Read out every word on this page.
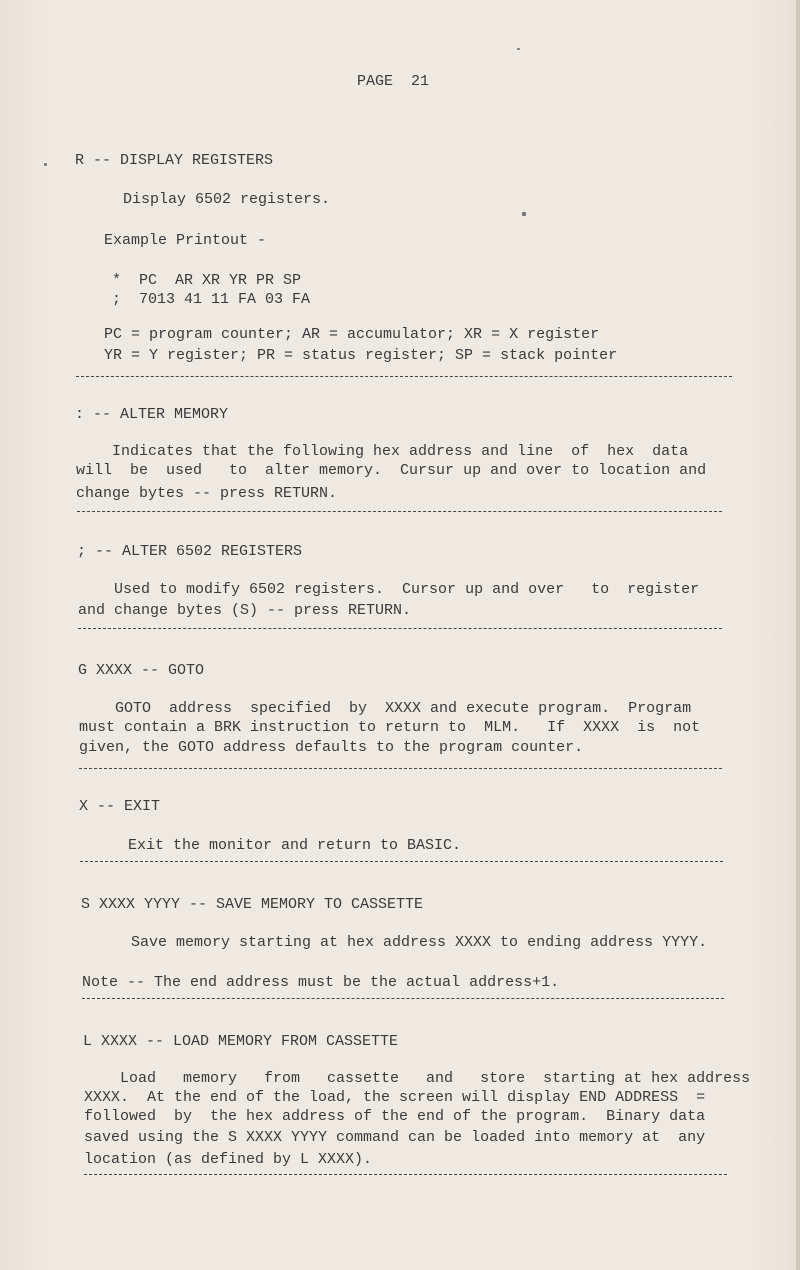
PAGE  21
R -- DISPLAY REGISTERS
Display 6502 registers.
Example Printout -
*  PC  AR XR YR PR SP
;  7013 41 11 FA 03 FA
PC = program counter; AR = accumulator; XR = X register
YR = Y register; PR = status register; SP = stack pointer
: -- ALTER MEMORY
Indicates that the following hex address and line  of  hex  data
will  be  used   to  alter memory.  Cursur up and over to location and
change bytes -- press RETURN.
; -- ALTER 6502 REGISTERS
Used to modify 6502 registers.  Cursor up and over   to  register
and change bytes (S) -- press RETURN.
G XXXX -- GOTO
GOTO  address  specified  by  XXXX and execute program.  Program
must contain a BRK instruction to return to  MLM.   If  XXXX  is  not
given, the GOTO address defaults to the program counter.
X -- EXIT
Exit the monitor and return to BASIC.
S XXXX YYYY -- SAVE MEMORY TO CASSETTE
Save memory starting at hex address XXXX to ending address YYYY.
Note -- The end address must be the actual address+1.
L XXXX -- LOAD MEMORY FROM CASSETTE
Load   memory   from   cassette   and   store  starting at hex address
XXXX.  At the end of the load, the screen will display END ADDRESS  =
followed  by  the hex address of the end of the program.  Binary data
saved using the S XXXX YYYY command can be loaded into memory at  any
location (as defined by L XXXX).
